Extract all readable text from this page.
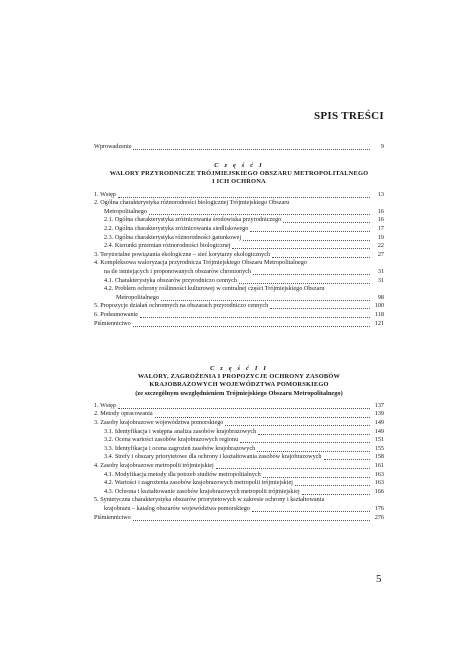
SPIS TREŚCI
Wprowadzenie	9
C z ę ś ć I
WALORY PRZYRODNICZE TRÓJMIEJSKIEGO OBSZARU METROPOLITALNEGO
I ICH OCHRONA
1. Wstęp	13
2. Ogólna charakterystyka różnorodności biologicznej Trójmiejskiego Obszaru
Metropolitalnego	16
2.1. Ogólna charakterystyka zróżnicowania środowiska przyrodniczego	16
2.2. Ogólna charakterystyka zróżnicowania siedliskowego	17
2.3. Ogólna charakterystyka różnorodności gatunkowej	19
2.4. Kierunki przemian różnorodności biologicznej	22
3. Terytorialne powiązania ekologiczne – sieć korytarzy ekologicznych	27
4. Kompleksowa waloryzacja przyrodnicza Trójmiejskiego Obszaru Metropolitalnego
na tle istniejących i proponowanych obszarów chronionych	31
4.1. Charakterystyka obszarów przyrodniczo cennych	31
4.2. Problem ochrony roślinności kulturowej w centralnej części Trójmiejskiego Obszaru
Metropolitalnego	98
5. Propozycje działań ochronnych na obszarach przyrodniczo cennych	100
6. Podsumowanie	118
Piśmiennictwo	121
C z ę ś ć I I
WALORY, ZAGROŻENIA I PROPOZYCJE OCHRONY ZASOBÓW
KRAJOBRAZOWYCH WOJEWÓDZTWA POMORSKIEGO
(ze szczególnym uwzględnieniem Trójmiejskiego Obszaru Metropolitalnego)
1. Wstęp	137
2. Metody opracowania	139
3. Zasoby krajobrazowe województwa pomorskiego	149
3.1. Identyfikacja i wstępna analiza zasobów krajobrazowych	149
3.2. Ocena wartości zasobów krajobrazowych regionu	151
3.3. Identyfikacja i ocena zagrożeń zasobów krajobrazowych	155
3.4. Strefy i obszary priorytetowe dla ochrony i kształtowania zasobów krajobrazowych	158
4. Zasoby krajobrazowe metropolii trójmiejskiej	161
4.1. Modyfikacja metody dla potrzeb studiów metropolitalnych	163
4.2. Wartości i zagrożenia zasobów krajobrazowych metropolii trójmiejskiej	163
4.3. Ochrona i kształtowanie zasobów krajobrazowych metropolii trójmiejskiej	166
5. Syntetyczna charakterystyka obszarów priorytetowych w zakresie ochrony i kształtowania
krajobrazu – katalog obszarów województwa pomorskiego	176
Piśmiennictwo	276
5
